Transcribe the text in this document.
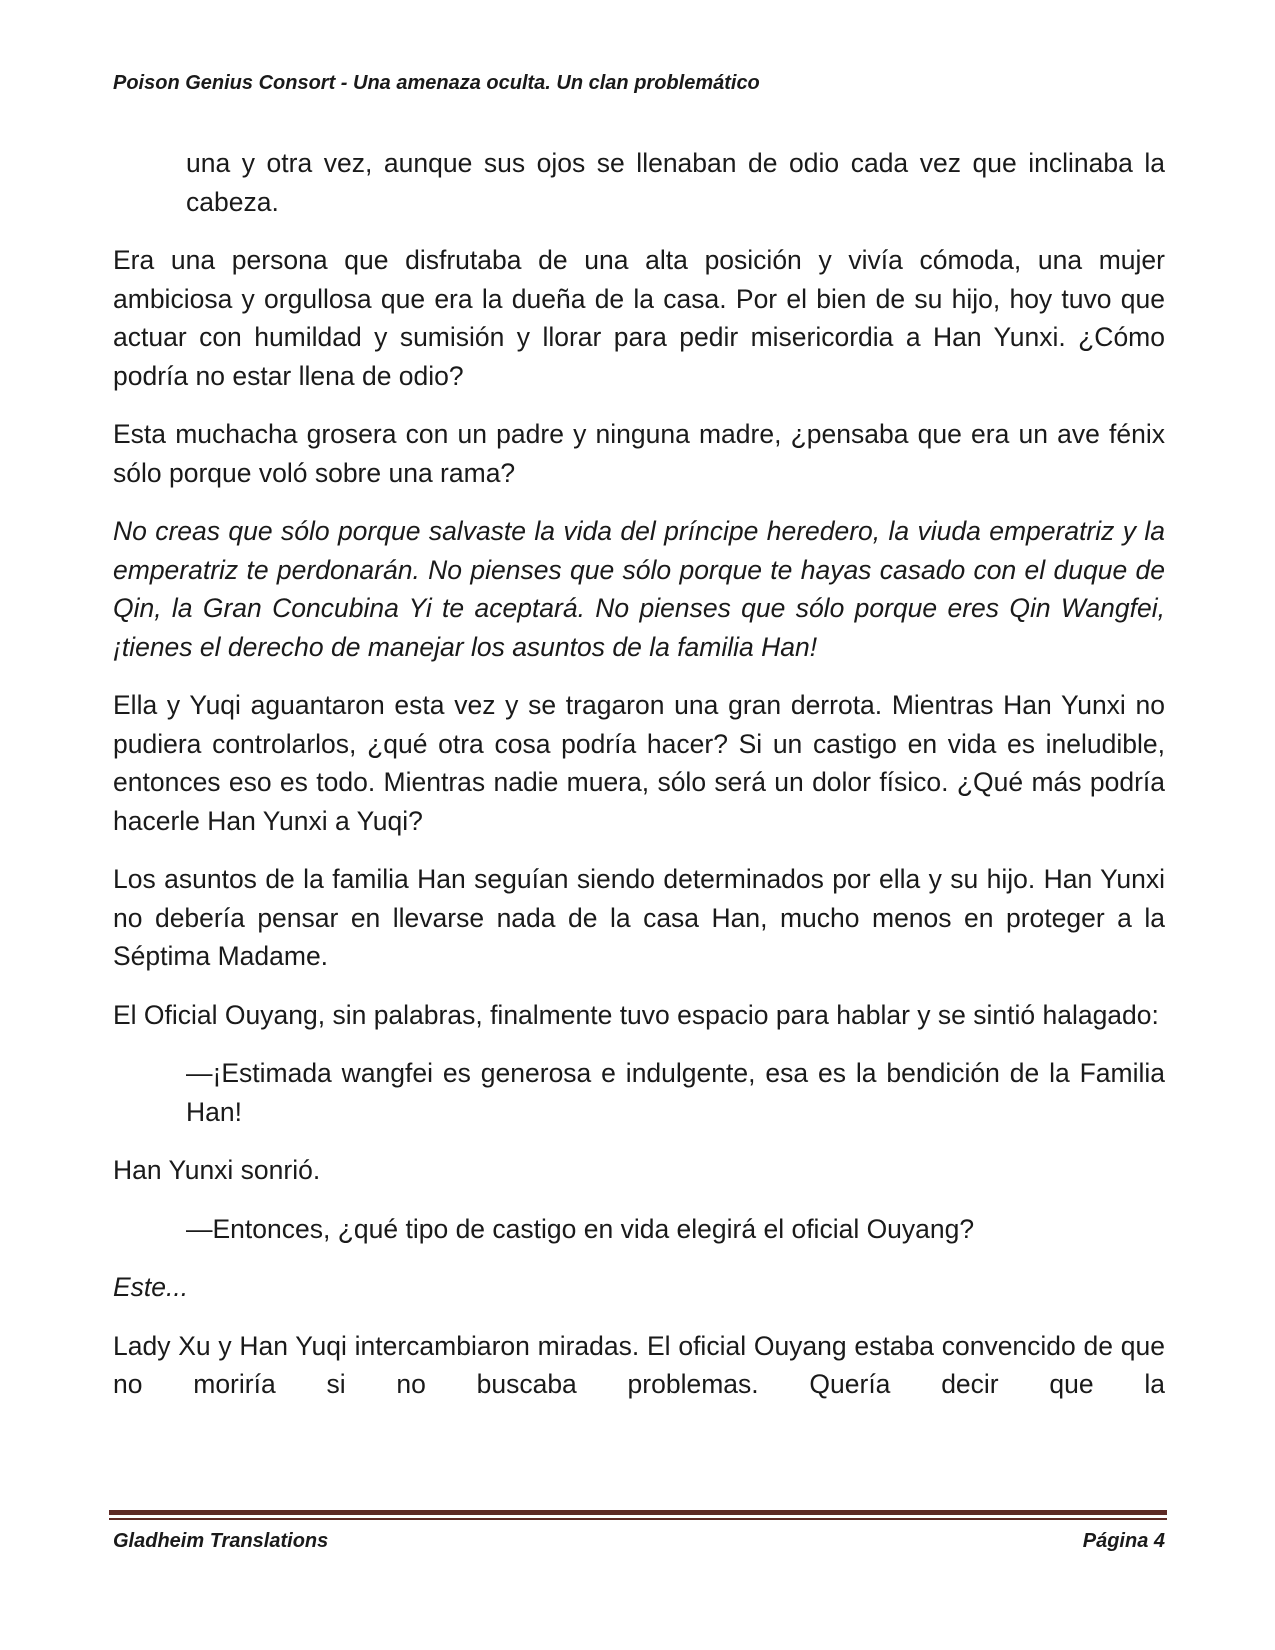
Poison Genius Consort - Una amenaza oculta. Un clan problemático

una y otra vez, aunque sus ojos se llenaban de odio cada vez que inclinaba la cabeza.

Era una persona que disfrutaba de una alta posición y vivía cómoda, una mujer ambiciosa y orgullosa que era la dueña de la casa. Por el bien de su hijo, hoy tuvo que actuar con humildad y sumisión y llorar para pedir misericordia a Han Yunxi. ¿Cómo podría no estar llena de odio?

Esta muchacha grosera con un padre y ninguna madre, ¿pensaba que era un ave fénix sólo porque voló sobre una rama?

No creas que sólo porque salvaste la vida del príncipe heredero, la viuda emperatriz y la emperatriz te perdonarán. No pienses que sólo porque te hayas casado con el duque de Qin, la Gran Concubina Yi te aceptará. No pienses que sólo porque eres Qin Wangfei, ¡tienes el derecho de manejar los asuntos de la familia Han!

Ella y Yuqi aguantaron esta vez y se tragaron una gran derrota. Mientras Han Yunxi no pudiera controlarlos, ¿qué otra cosa podría hacer? Si un castigo en vida es ineludible, entonces eso es todo. Mientras nadie muera, sólo será un dolor físico. ¿Qué más podría hacerle Han Yunxi a Yuqi?

Los asuntos de la familia Han seguían siendo determinados por ella y su hijo. Han Yunxi no debería pensar en llevarse nada de la casa Han, mucho menos en proteger a la Séptima Madame.

El Oficial Ouyang, sin palabras, finalmente tuvo espacio para hablar y se sintió halagado:

—¡Estimada wangfei es generosa e indulgente, esa es la bendición de la Familia Han!

Han Yunxi sonrió.

—Entonces, ¿qué tipo de castigo en vida elegirá el oficial Ouyang?

Este...

Lady Xu y Han Yuqi intercambiaron miradas. El oficial Ouyang estaba convencido de que no moriría si no buscaba problemas. Quería decir que la

Gladheim Translations	Página 4
